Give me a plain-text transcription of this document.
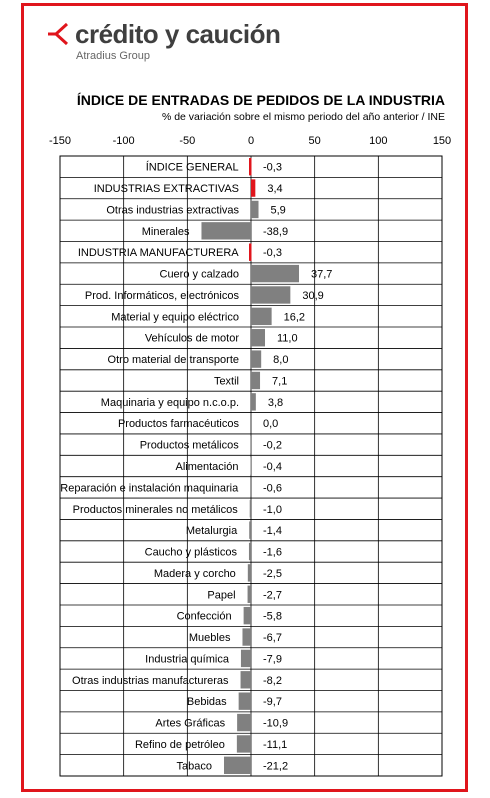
crédito y caución
Atradius Group
ÍNDICE DE ENTRADAS DE PEDIDOS DE LA INDUSTRIA
% de variación sobre el mismo periodo del año anterior / INE
-150	-100	-50	0	50	100	150
ÍNDICE GENERAL -0,3
INDUSTRIAS EXTRACTIVAS	3,4
Otras industrias extractivas	5,9
Minerales	-38,9
INDUSTRIA MANUFACTURERA -0,3
Cuero y calzado	37,7
Prod. Informáticos, electrónicos	30,9
Material y equipo eléctrico	16,2
Vehículos de motor	11,0
Otro material de transporte	8,0
Textil	7,1
Maquinaria y equipo n.c.o.p.	3,8
Productos farmacéuticos 0,0
Productos metálicos -0,2
Alimentación -0,4
Reparación e instalación maquinaria -0,6
Productos minerales no metálicos -1,0
Metalurgia -1,4
Caucho y plásticos -1,6
Madera y corcho -2,5
Papel -2,7
Confección	-5,8
Muebles	-6,7
Industria química	-7,9
Otras industrias manufactureras	-8,2
Bebidas	-9,7
Artes Gráficas	-10,9
Refino de petróleo	-11,1
Tabaco	-21,2
